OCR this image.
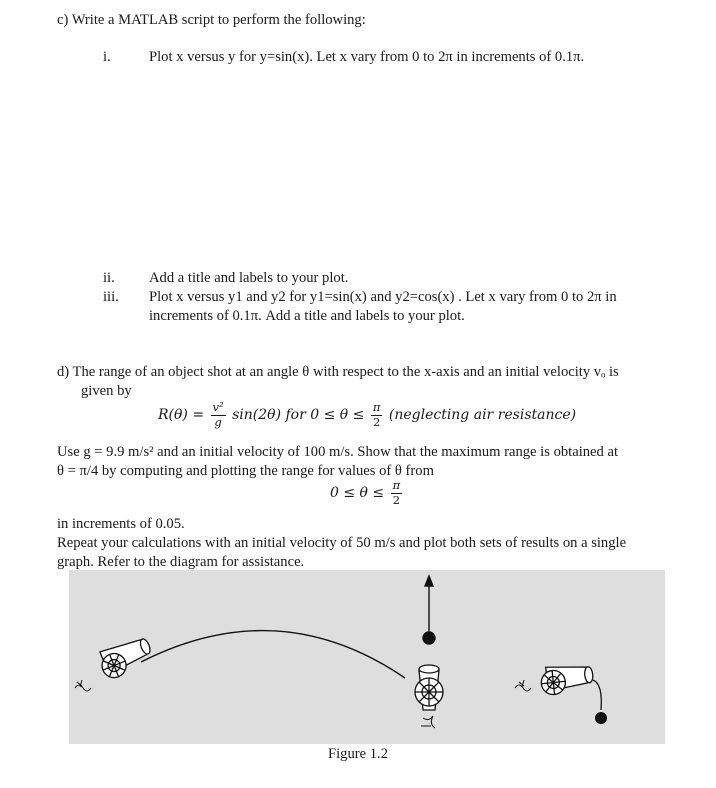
c) Write a MATLAB script to perform the following:
i.	Plot x versus y for y=sin(x). Let x vary from 0 to 2π in increments of 0.1π.
ii. Add a title and labels to your plot.
iii. Plot x versus y1 and y2 for y1=sin(x) and y2=cos(x) . Let x vary from 0 to 2π in
increments of 0.1π. Add a title and labels to your plot.
d) The range of an object shot at an angle θ with respect to the x-axis and an initial velocity vₒ is
given by
$R(\theta) = \frac{\text{v²}}{g} \sin(2\theta)$ for $0 \le \theta \le \frac{\pi}{2}$ (neglecting air resistance)
Use g = 9.9 m/s² and an initial velocity of 100 m/s. Show that the maximum range is obtained at
θ = π/4 by computing and plotting the range for values of θ from
$0 \le \theta \le \frac{\pi}{2}$
in increments of 0.05.
Repeat your calculations with an initial velocity of 50 m/s and plot both sets of results on a single
graph. Refer to the diagram for assistance.
Figure 1.2
